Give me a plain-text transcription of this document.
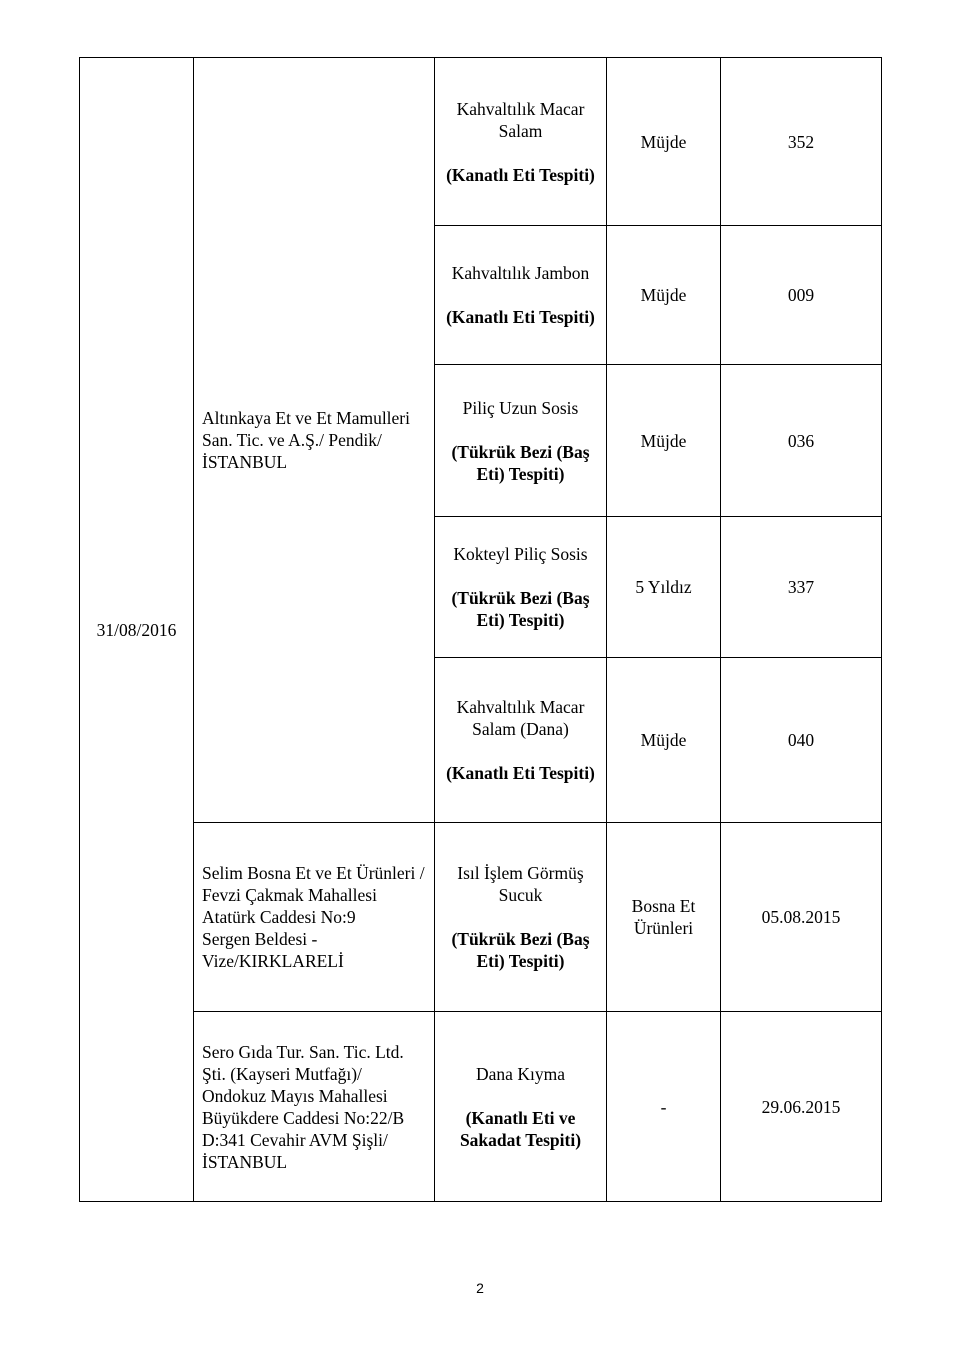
31/08/2016	Altınkaya Et ve Et Mamulleri San. Tic. ve A.Ş./ Pendik/İSTANBUL	Kahvaltılık Macar Salam
(Kanatlı Eti Tespiti)	Müjde	352

		Kahvaltılık Jambon
(Kanatlı Eti Tespiti)	Müjde	009

		Piliç Uzun Sosis
(Tükrük Bezi (Baş Eti) Tespiti)	Müjde	036

		Kokteyl Piliç Sosis
(Tükrük Bezi (Baş Eti) Tespiti)	5 Yıldız	337

		Kahvaltılık Macar Salam (Dana)
(Kanatlı Eti Tespiti)	Müjde	040
	Selim Bosna Et ve Et Ürünleri / Fevzi Çakmak Mahallesi Atatürk Caddesi No:9
Sergen Beldesi - Vize/KIRKLARELİ	Isıl İşlem Görmüş Sucuk
(Tükrük Bezi (Baş Eti) Tespiti)	Bosna Et Ürünleri	05.08.2015
	Sero Gıda Tur. San. Tic. Ltd. Şti. (Kayseri Mutfağı)/ Ondokuz Mayıs Mahallesi Büyükdere Caddesi No:22/B D:341 Cevahir AVM Şişli/İSTANBUL	Dana Kıyma
(Kanatlı Eti ve Sakadat Tespiti)	-	29.06.2015
2
